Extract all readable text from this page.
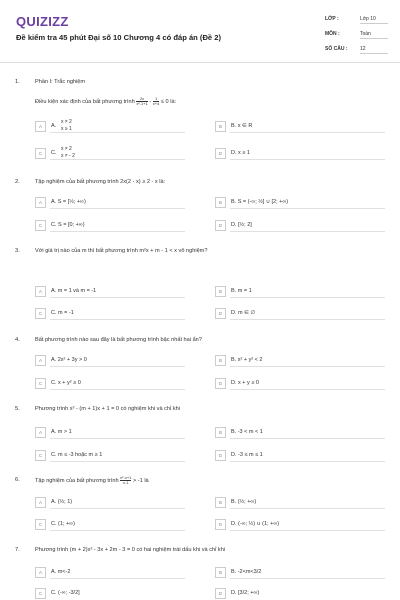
QUIZIZZ
Đề kiểm tra 45 phút Đại số 10 Chương 4 có đáp án (Đề 2)
LỚP :	Lớp 10
MÔN :	Toán
SỐ CÂU :	12
1.	Phần I: Trắc nghiệm
Điều kiện xác định của bất phương trình $\frac{2x}{\text{x²-1+1}} - \frac{1}{x+4} \le 0$ là:
A	A.
x ≠ 2
x ≥ 1	B	B. x ∈ R
C	C.
x ≠ 2
x ≠ - 2	D	D. x ≥ 1
2.	Tập nghiệm của bất phương trình 2x(2 - x) ≥ 2 - x là:
A	A. S = [½; +∞)	B	B. S = (-∞; ½] ∪ [2; +∞)
C	C. S = [0; +∞)	D	D. [½; 2]
3.	Với giá trị nào của m thì bất phương trình m²x + m - 1 < x vô nghiệm?
A	A. m = 1 và m = -1	B	B. m = 1
C	C. m = -1	D	D. m ∈ ∅
4.	Bất phương trình nào sau đây là bất phương trình bậc nhất hai ẩn?
A	A. 2x² + 3y > 0	B	B. x² + y² < 2
C	C. x + y² ≥ 0	D	D. x + y ≥ 0
5.	Phương trình x² - (m + 1)x + 1 = 0 có nghiệm khi và chỉ khi
A	A. m > 1	B	B. -3 < m < 1
C	C. m ≤ -3 hoặc m ≥ 1	D	D. -3 ≤ m ≤ 1
6.	Tập nghiệm của bất phương trình $\frac{\text{x²-x+1}}{x-1} > -1$ là
A	A. (½; 1)	B	B. (½; +∞)
C	C. (1; +∞)	D	D. (-∞; ½) ∪ (1; +∞)
7.	Phương trình (m + 2)x² - 3x + 2m - 3 = 0 có hai nghiệm trái dấu khi và chỉ khi
A	A. m<-2	B	B. -2<m<3/2
C	C. (-∞; -3/2]	D	D. [3/2; +∞)
